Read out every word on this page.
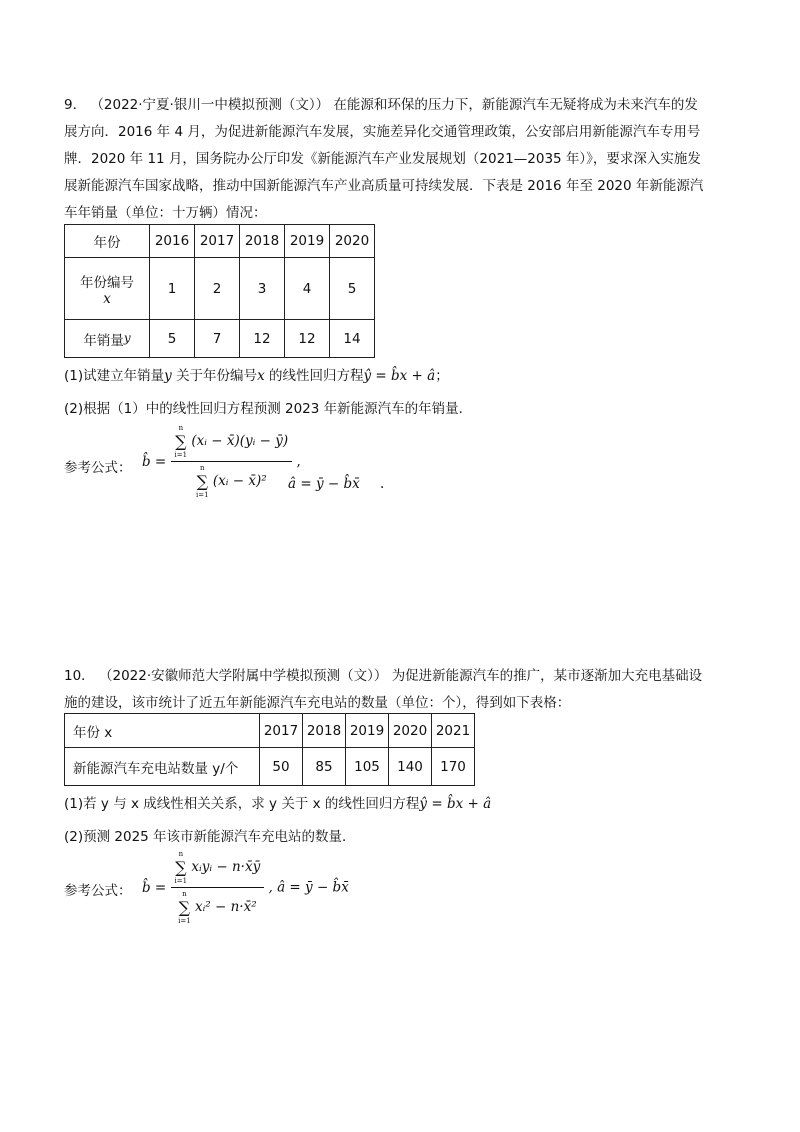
9． （2022·宁夏·银川一中模拟预测（文）） 在能源和环保的压力下，新能源汽车无疑将成为未来汽车的发
展方向．2016 年 4 月，为促进新能源汽车发展，实施差异化交通管理政策，公安部启用新能源汽车专用号
牌．2020 年 11 月，国务院办公厅印发《新能源汽车产业发展规划（2021—2035 年）》，要求深入实施发
展新能源汽车国家战略，推动中国新能源汽车产业高质量可持续发展．下表是 2016 年至 2020 年新能源汽
车年销量（单位：十万辆）情况：
年份	2016	2017	2018	2019	2020

年份编号
x	1	2	3	4	5
年销量y	5	7	12	12	14
(1)试建立年销量y 关于年份编号x 的线性回归方程ŷ = b̂x + â；
(2)根据（1）中的线性回归方程预测 2023 年新能源汽车的年销量．
参考公式： b̂ = n
∑
i=1
(xᵢ − x̄)(yᵢ − ȳ)
n
∑
i=1
(xᵢ − x̄)² ,
â = ȳ − b̂x̄ .
10． （2022·安徽师范大学附属中学模拟预测（文）） 为促进新能源汽车的推广，某市逐渐加大充电基础设
施的建设，该市统计了近五年新能源汽车充电站的数量（单位：个），得到如下表格：
年份 x	2017	2018	2019	2020	2021
新能源汽车充电站数量 y/个	50	85	105	140	170
(1)若 y 与 x 成线性相关关系，求 y 关于 x 的线性回归方程ŷ = b̂x + â
(2)预测 2025 年该市新能源汽车充电站的数量．
参考公式： b̂ = n
∑
i=1
xᵢyᵢ − n·x̄ȳ
n
∑
i=1
xᵢ² − n·x̄² , â = ȳ − b̂x̄
